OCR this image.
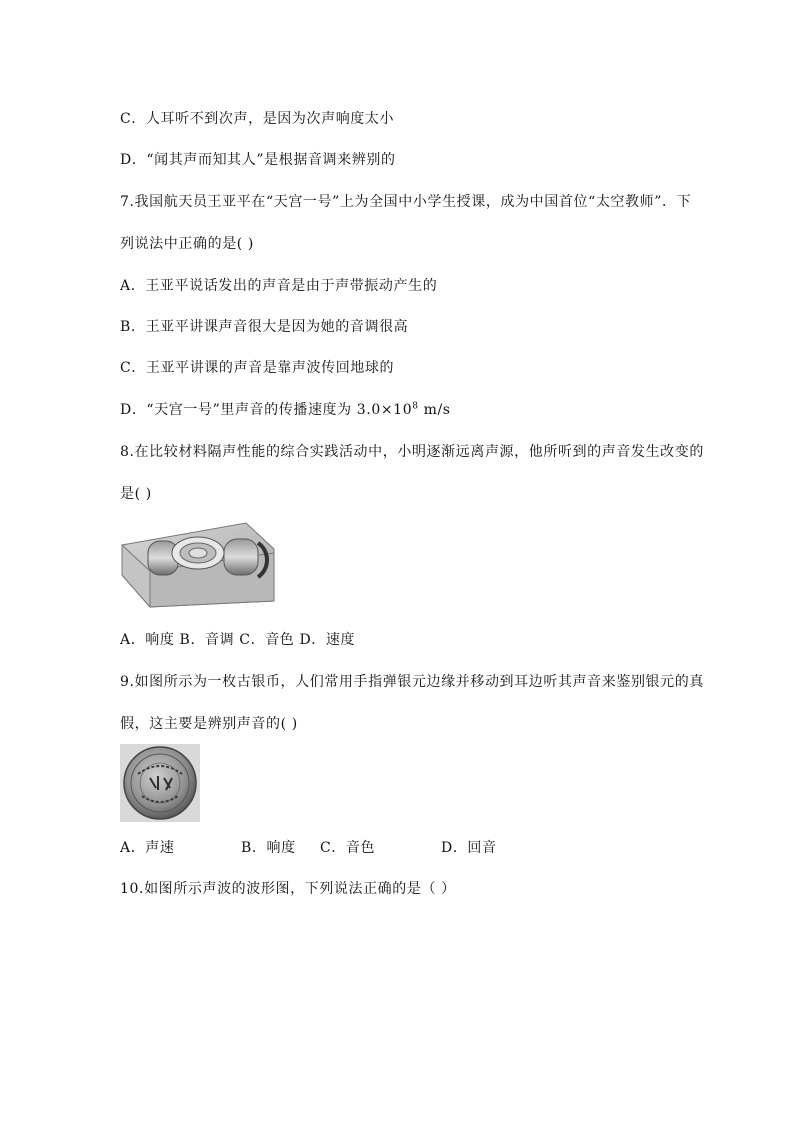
C．人耳听不到次声，是因为次声响度太小
D．“闻其声而知其人”是根据音调来辨别的
7.我国航天员王亚平在“天宫一号”上为全国中小学生授课，成为中国首位“太空教师”．下
列说法中正确的是( )
A．王亚平说话发出的声音是由于声带振动产生的
B．王亚平讲课声音很大是因为她的音调很高
C．王亚平讲课的声音是靠声波传回地球的
D．“天宫一号”里声音的传播速度为 $3.0\times 10^8$ m/s
8.在比较材料隔声性能的综合实践活动中，小明逐渐远离声源，他所听到的声音发生改变的
是( )
A．响度 B．音调 C．音色 D．速度
9.如图所示为一枚古银币，人们常用手指弹银元边缘并移动到耳边听其声音来鉴别银元的真
假，这主要是辨别声音的( )
A．声速	B．响度 C．音色	D．回音
10.如图所示声波的波形图，下列说法正确的是（ ）
